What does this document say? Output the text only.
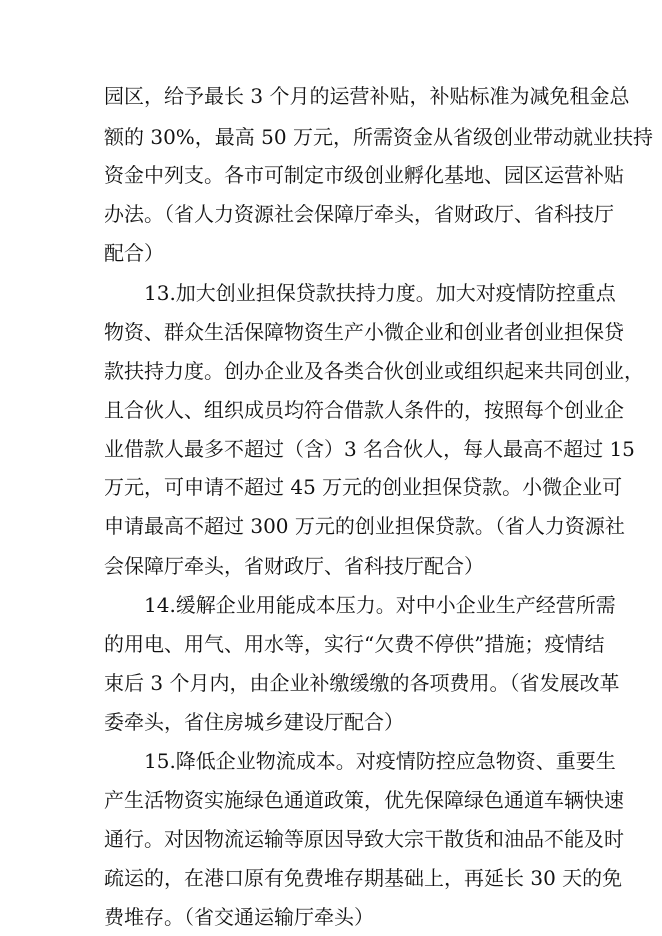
园区，给予最长 3 个月的运营补贴，补贴标准为减免租金总
额的 30%，最高 50 万元，所需资金从省级创业带动就业扶持
资金中列支。各市可制定市级创业孵化基地、园区运营补贴
办法。（省人力资源社会保障厅牵头，省财政厅、省科技厅
配合）
13.加大创业担保贷款扶持力度。加大对疫情防控重点
物资、群众生活保障物资生产小微企业和创业者创业担保贷
款扶持力度。创办企业及各类合伙创业或组织起来共同创业，
且合伙人、组织成员均符合借款人条件的，按照每个创业企
业借款人最多不超过（含）3 名合伙人，每人最高不超过 15
万元，可申请不超过 45 万元的创业担保贷款。小微企业可
申请最高不超过 300 万元的创业担保贷款。（省人力资源社
会保障厅牵头，省财政厅、省科技厅配合）
14.缓解企业用能成本压力。对中小企业生产经营所需
的用电、用气、用水等，实行“欠费不停供”措施；疫情结
束后 3 个月内，由企业补缴缓缴的各项费用。（省发展改革
委牵头，省住房城乡建设厅配合）
15.降低企业物流成本。对疫情防控应急物资、重要生
产生活物资实施绿色通道政策，优先保障绿色通道车辆快速
通行。对因物流运输等原因导致大宗干散货和油品不能及时
疏运的，在港口原有免费堆存期基础上，再延长 30 天的免
费堆存。（省交通运输厅牵头）
